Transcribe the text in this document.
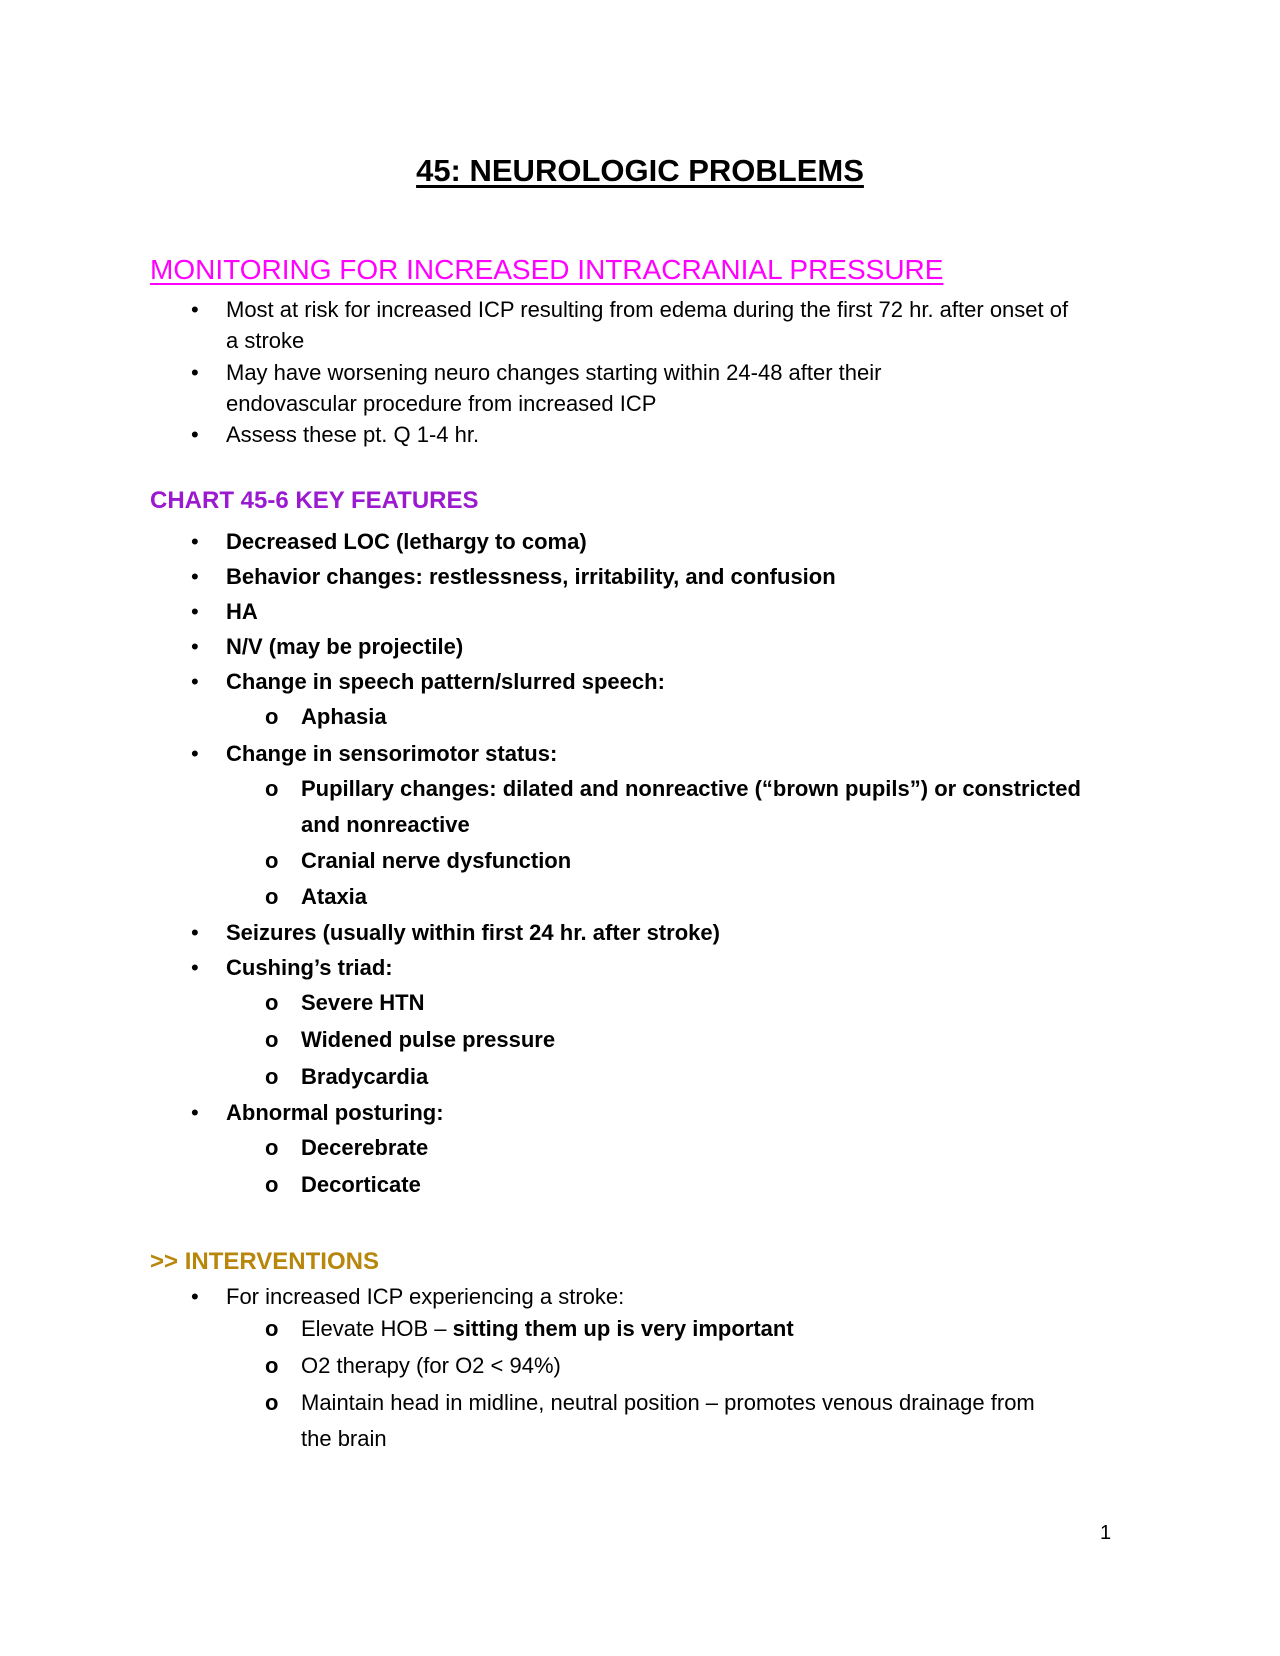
45: NEUROLOGIC PROBLEMS
MONITORING FOR INCREASED INTRACRANIAL PRESSURE
• Most at risk for increased ICP resulting from edema during the first 72 hr. after onset of
a stroke
• May have worsening neuro changes starting within 24-48 after their
endovascular procedure from increased ICP
• Assess these pt. Q 1-4 hr.
CHART 45-6 KEY FEATURES
• Decreased LOC (lethargy to coma)
• Behavior changes: restlessness, irritability, and confusion
• HA
• N/V (may be projectile)
• Change in speech pattern/slurred speech:
o Aphasia
• Change in sensorimotor status:
o Pupillary changes: dilated and nonreactive (“brown pupils”) or constricted
and nonreactive
o Cranial nerve dysfunction
o Ataxia
• Seizures (usually within first 24 hr. after stroke)
• Cushing’s triad:
o Severe HTN
o Widened pulse pressure
o Bradycardia
• Abnormal posturing:
o Decerebrate
o Decorticate
>> INTERVENTIONS
• For increased ICP experiencing a stroke:
o Elevate HOB – sitting them up is very important
o O2 therapy (for O2 < 94%)
o Maintain head in midline, neutral position – promotes venous drainage from
the brain
1
